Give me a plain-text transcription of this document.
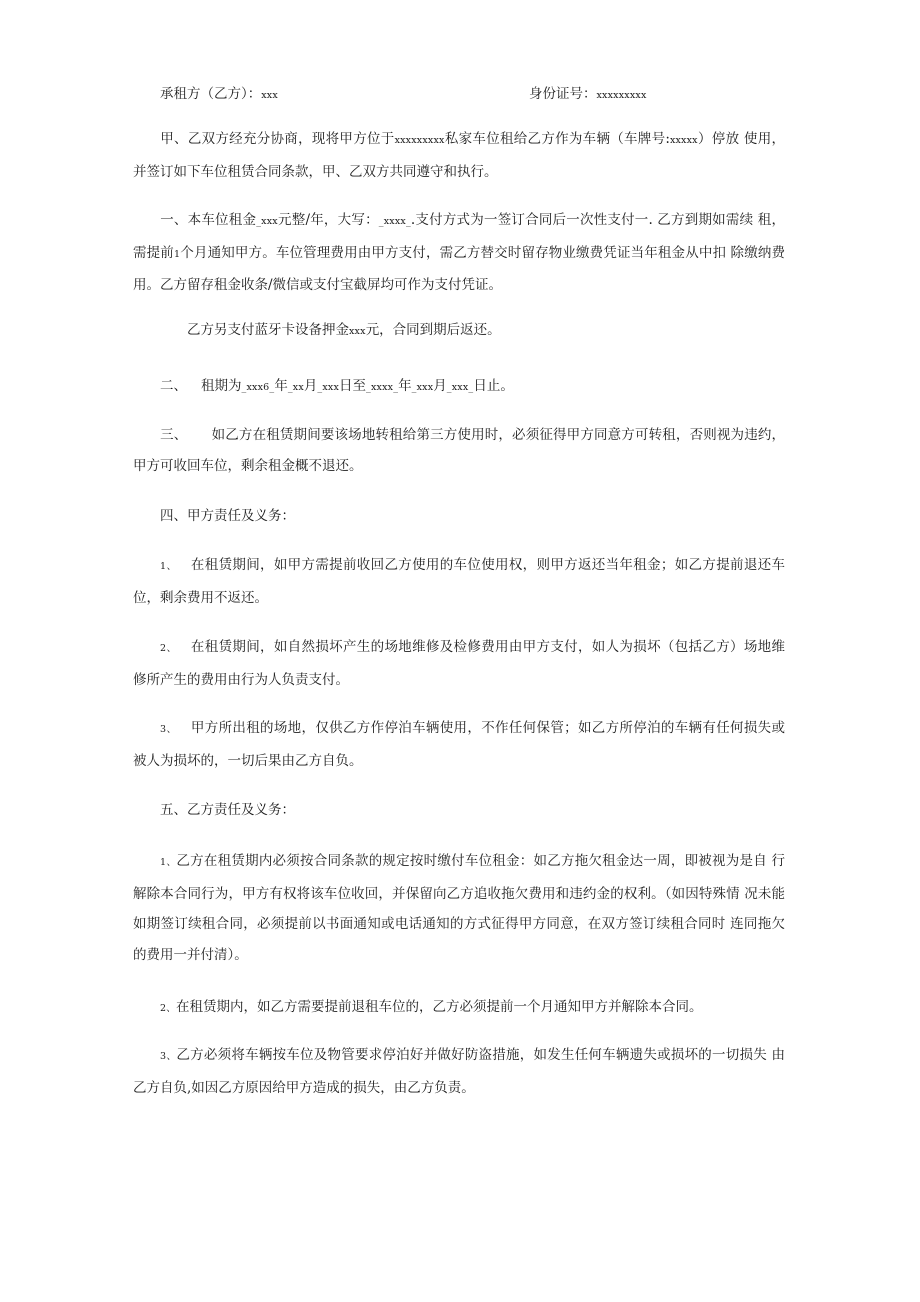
承租方（乙方）：xxx	身份证号：xxxxxxxxx

甲、乙双方经充分协商，现将甲方位于xxxxxxxxx私家车位租给乙方作为车辆（车牌号:xxxxx）停放 使用，并签订如下车位租赁合同条款，甲、乙双方共同遵守和执行。

一、本车位租金_xxx元整/年，大写：_xxxx_.支付方式为一签订合同后一次性支付一. 乙方到期如需续 租，需提前1个月通知甲方。车位管理费用由甲方支付，需乙方替交时留存物业缴费凭证当年租金从中扣 除缴纳费用。乙方留存租金收条/微信或支付宝截屏均可作为支付凭证。

乙方另支付蓝牙卡设备押金xxx元，合同到期后返还。

二、 租期为_xxx6_年_xx月_xxx日至_xxxx_年_xxx月_xxx_日止。

三、 如乙方在租赁期间要该场地转租给第三方使用时，必须征得甲方同意方可转租，否则视为违约， 甲方可收回车位，剩余租金概不退还。

四、甲方责任及义务：

1、 在租赁期间，如甲方需提前收回乙方使用的车位使用权，则甲方返还当年租金；如乙方提前退还车位，剩余费用不返还。

2、 在租赁期间，如自然损坏产生的场地维修及检修费用由甲方支付，如人为损坏（包括乙方）场地维 修所产生的费用由行为人负责支付。

3、 甲方所出租的场地，仅供乙方作停泊车辆使用，不作任何保管；如乙方所停泊的车辆有任何损失或 被人为损坏的，一切后果由乙方自负。

五、乙方责任及义务：

1、乙方在租赁期内必须按合同条款的规定按时缴付车位租金：如乙方拖欠租金达一周，即被视为是自 行解除本合同行为，甲方有权将该车位收回，并保留向乙方追收拖欠费用和违约金的权利。（如因特殊情 况未能如期签订续租合同，必须提前以书面通知或电话通知的方式征得甲方同意，在双方签订续租合同时 连同拖欠的费用一并付清）。

2、在租赁期内，如乙方需要提前退租车位的，乙方必须提前一个月通知甲方并解除本合同。

3、乙方必须将车辆按车位及物管要求停泊好并做好防盗措施，如发生任何车辆遗失或损坏的一切损失 由乙方自负,如因乙方原因给甲方造成的损失，由乙方负责。
